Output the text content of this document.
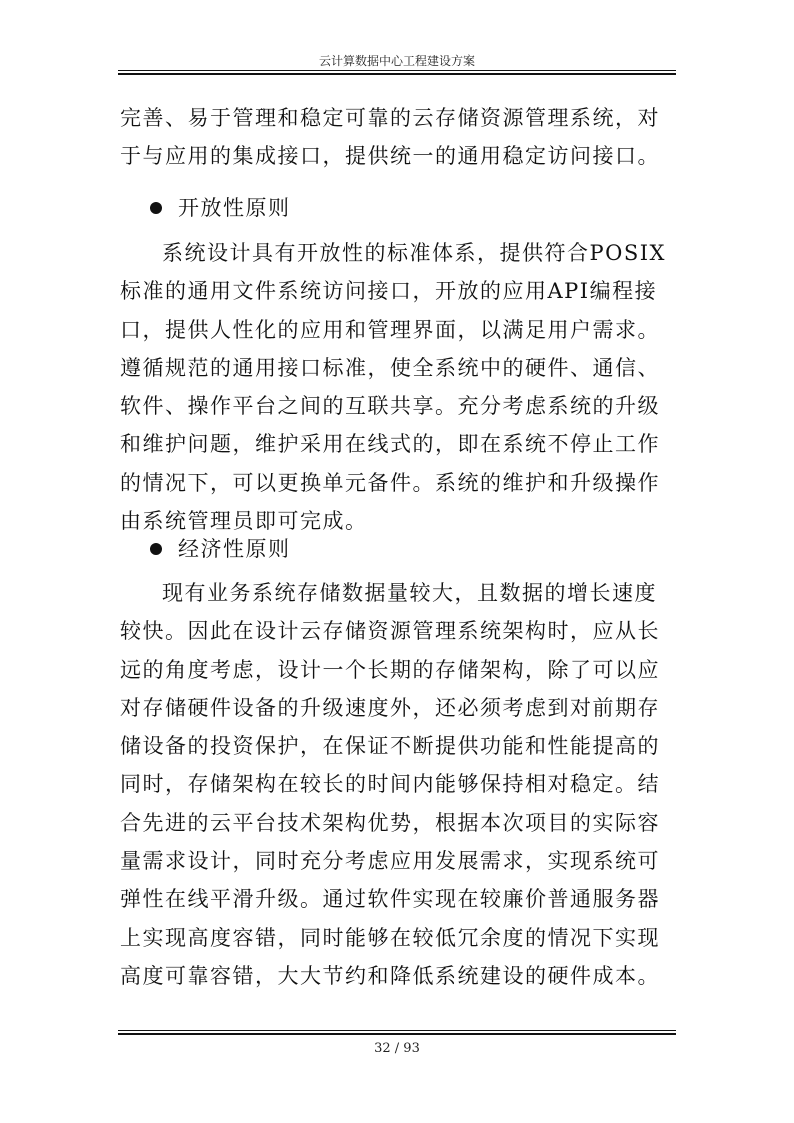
云计算数据中心工程建设方案

完善、易于管理和稳定可靠的云存储资源管理系统，对于与应用的集成接口，提供统一的通用稳定访问接口。

开放性原则

系统设计具有开放性的标准体系，提供符合POSIX标准的通用文件系统访问接口，开放的应用API编程接口，提供人性化的应用和管理界面，以满足用户需求。遵循规范的通用接口标准，使全系统中的硬件、通信、软件、操作平台之间的互联共享。充分考虑系统的升级和维护问题，维护采用在线式的，即在系统不停止工作的情况下，可以更换单元备件。系统的维护和升级操作由系统管理员即可完成。

经济性原则

现有业务系统存储数据量较大，且数据的增长速度较快。因此在设计云存储资源管理系统架构时，应从长远的角度考虑，设计一个长期的存储架构，除了可以应对存储硬件设备的升级速度外，还必须考虑到对前期存储设备的投资保护，在保证不断提供功能和性能提高的同时，存储架构在较长的时间内能够保持相对稳定。结合先进的云平台技术架构优势，根据本次项目的实际容量需求设计，同时充分考虑应用发展需求，实现系统可弹性在线平滑升级。通过软件实现在较廉价普通服务器上实现高度容错，同时能够在较低冗余度的情况下实现高度可靠容错，大大节约和降低系统建设的硬件成本。

32 / 93
